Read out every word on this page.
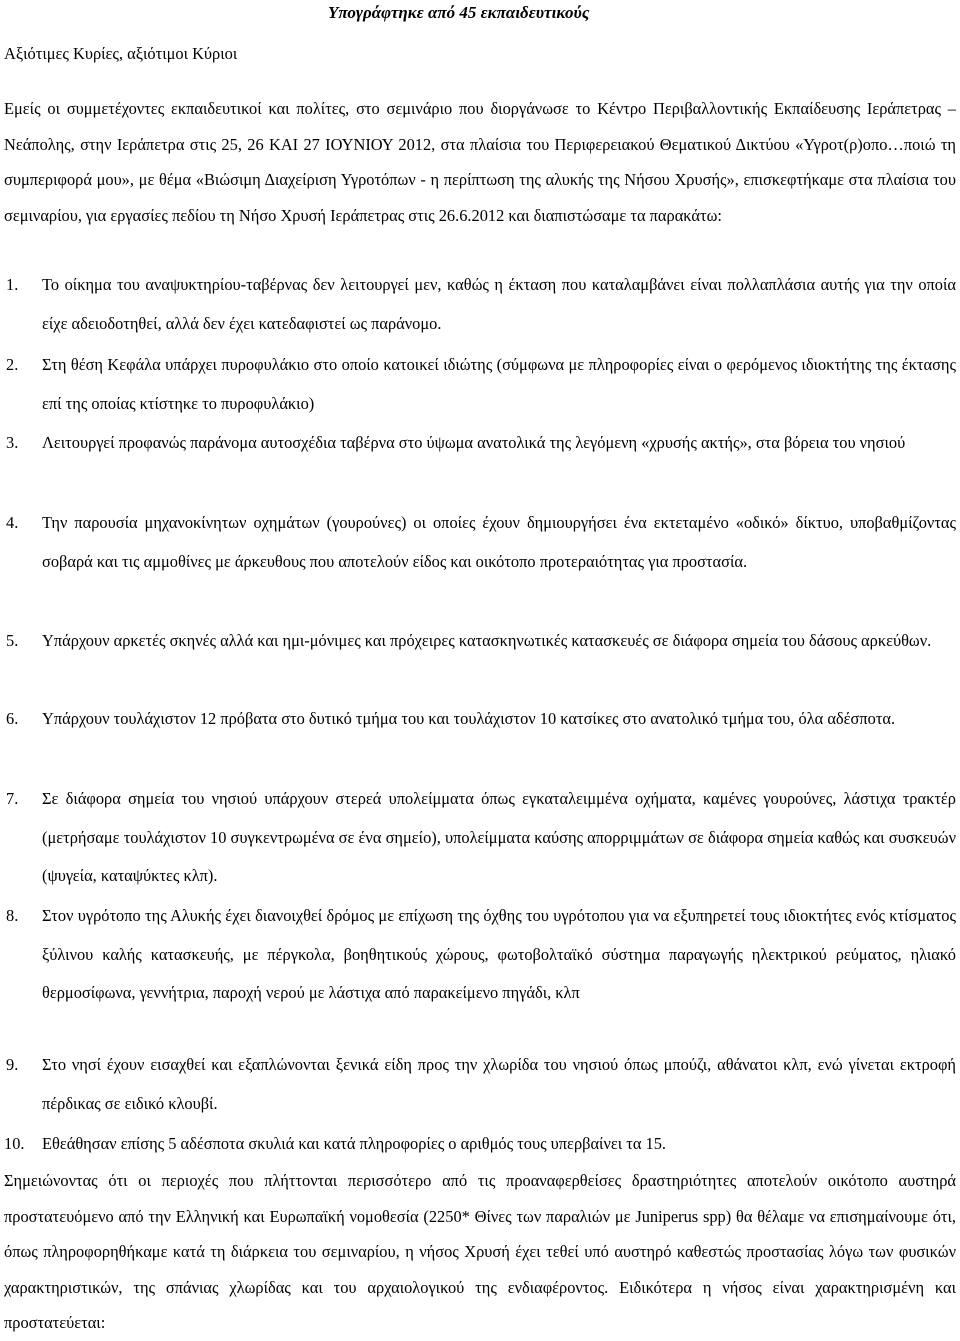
Υπογράφτηκε από 45 εκπαιδευτικούς
Αξιότιμες Κυρίες, αξιότιμοι Κύριοι
Εμείς οι συμμετέχοντες εκπαιδευτικοί και πολίτες, στο σεμινάριο που διοργάνωσε το Κέντρο Περιβαλλοντικής Εκπαίδευσης Ιεράπετρας – Νεάπολης, στην Ιεράπετρα στις 25, 26 ΚΑΙ 27 ΙΟΥΝΙΟΥ 2012, στα πλαίσια του Περιφερειακού Θεματικού Δικτύου «Υγροτ(ρ)οπο…ποιώ τη συμπεριφορά μου», με θέμα «Βιώσιμη Διαχείριση Υγροτόπων - η περίπτωση της αλυκής της Νήσου Χρυσής», επισκεφτήκαμε στα πλαίσια του σεμιναρίου, για εργασίες πεδίου τη Νήσο Χρυσή Ιεράπετρας στις 26.6.2012 και διαπιστώσαμε τα παρακάτω:
1. Το οίκημα του αναψυκτηρίου-ταβέρνας δεν λειτουργεί μεν, καθώς η έκταση που καταλαμβάνει είναι πολλαπλάσια αυτής για την οποία είχε αδειοδοτηθεί, αλλά δεν έχει κατεδαφιστεί ως παράνομο.
2. Στη θέση Κεφάλα υπάρχει πυροφυλάκιο στο οποίο κατοικεί ιδιώτης (σύμφωνα με πληροφορίες είναι ο φερόμενος ιδιοκτήτης της έκτασης επί της οποίας κτίστηκε το πυροφυλάκιο)
3. Λειτουργεί προφανώς παράνομα αυτοσχέδια ταβέρνα στο ύψωμα ανατολικά της λεγόμενη «χρυσής ακτής», στα βόρεια του νησιού
4. Την παρουσία μηχανοκίνητων οχημάτων (γουρούνες) οι οποίες έχουν δημιουργήσει ένα εκτεταμένο «οδικό» δίκτυο, υποβαθμίζοντας σοβαρά και τις αμμοθίνες με άρκευθους που αποτελούν είδος και οικότοπο προτεραιότητας για προστασία.
5. Υπάρχουν αρκετές σκηνές αλλά και ημι-μόνιμες και πρόχειρες κατασκηνωτικές κατασκευές σε διάφορα σημεία του δάσους αρκεύθων.
6. Υπάρχουν τουλάχιστον 12 πρόβατα στο δυτικό τμήμα του και τουλάχιστον 10 κατσίκες στο ανατολικό τμήμα του, όλα αδέσποτα.
7. Σε διάφορα σημεία του νησιού υπάρχουν στερεά υπολείμματα όπως εγκαταλειμμένα οχήματα, καμένες γουρούνες, λάστιχα τρακτέρ (μετρήσαμε τουλάχιστον 10 συγκεντρωμένα σε ένα σημείο), υπολείμματα καύσης απορριμμάτων σε διάφορα σημεία καθώς και συσκευών (ψυγεία, καταψύκτες κλπ).
8. Στον υγρότοπο της Αλυκής έχει διανοιχθεί δρόμος με επίχωση της όχθης του υγρότοπου για να εξυπηρετεί τους ιδιοκτήτες ενός κτίσματος ξύλινου καλής κατασκευής, με πέργκολα, βοηθητικούς χώρους, φωτοβολταϊκό σύστημα παραγωγής ηλεκτρικού ρεύματος, ηλιακό θερμοσίφωνα, γεννήτρια, παροχή νερού με λάστιχα από παρακείμενο πηγάδι, κλπ
9. Στο νησί έχουν εισαχθεί και εξαπλώνονται ξενικά είδη προς την χλωρίδα του νησιού όπως μπούζι, αθάνατοι κλπ, ενώ γίνεται εκτροφή πέρδικας σε ειδικό κλουβί.
10. Εθεάθησαν επίσης 5 αδέσποτα σκυλιά και κατά πληροφορίες ο αριθμός τους υπερβαίνει τα 15.
Σημειώνοντας ότι οι περιοχές που πλήττονται περισσότερο από τις προαναφερθείσες δραστηριότητες αποτελούν οικότοπο αυστηρά προστατευόμενο από την Ελληνική και Ευρωπαϊκή νομοθεσία (2250* Θίνες των παραλιών με Juniperus spp) θα θέλαμε να επισημαίνουμε ότι, όπως πληροφορηθήκαμε κατά τη διάρκεια του σεμιναρίου, η νήσος Χρυσή έχει τεθεί υπό αυστηρό καθεστώς προστασίας λόγω των φυσικών χαρακτηριστικών, της σπάνιας χλωρίδας και του αρχαιολογικού της ενδιαφέροντος. Ειδικότερα η νήσος είναι χαρακτηρισμένη και προστατεύεται:
